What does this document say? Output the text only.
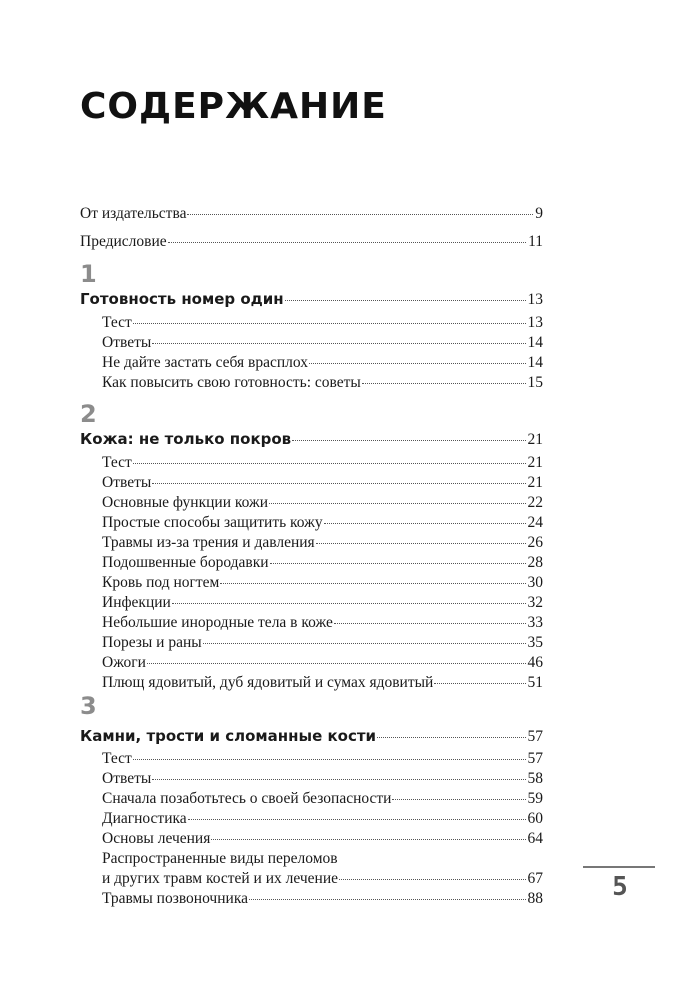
СОДЕРЖАНИЕ
От издательства	9
Предисловие	11
1
Готовность номер один	13
Тест	13
Ответы	14
Не дайте застать себя врасплох	14
Как повысить свою готовность: советы	15
2
Кожа: не только покров	21
Тест	21
Ответы	21
Основные функции кожи	22
Простые способы защитить кожу	24
Травмы из-за трения и давления	26
Подошвенные бородавки	28
Кровь под ногтем	30
Инфекции	32
Небольшие инородные тела в коже	33
Порезы и раны	35
Ожоги	46
Плющ ядовитый, дуб ядовитый и сумах ядовитый	51
3
Камни, трости и сломанные кости	57
Тест	57
Ответы	58
Сначала позаботьтесь о своей безопасности	59
Диагностика	60
Основы лечения	64
Распространенные виды переломов
и других травм костей и их лечение	67
Травмы позвоночника	88	5
